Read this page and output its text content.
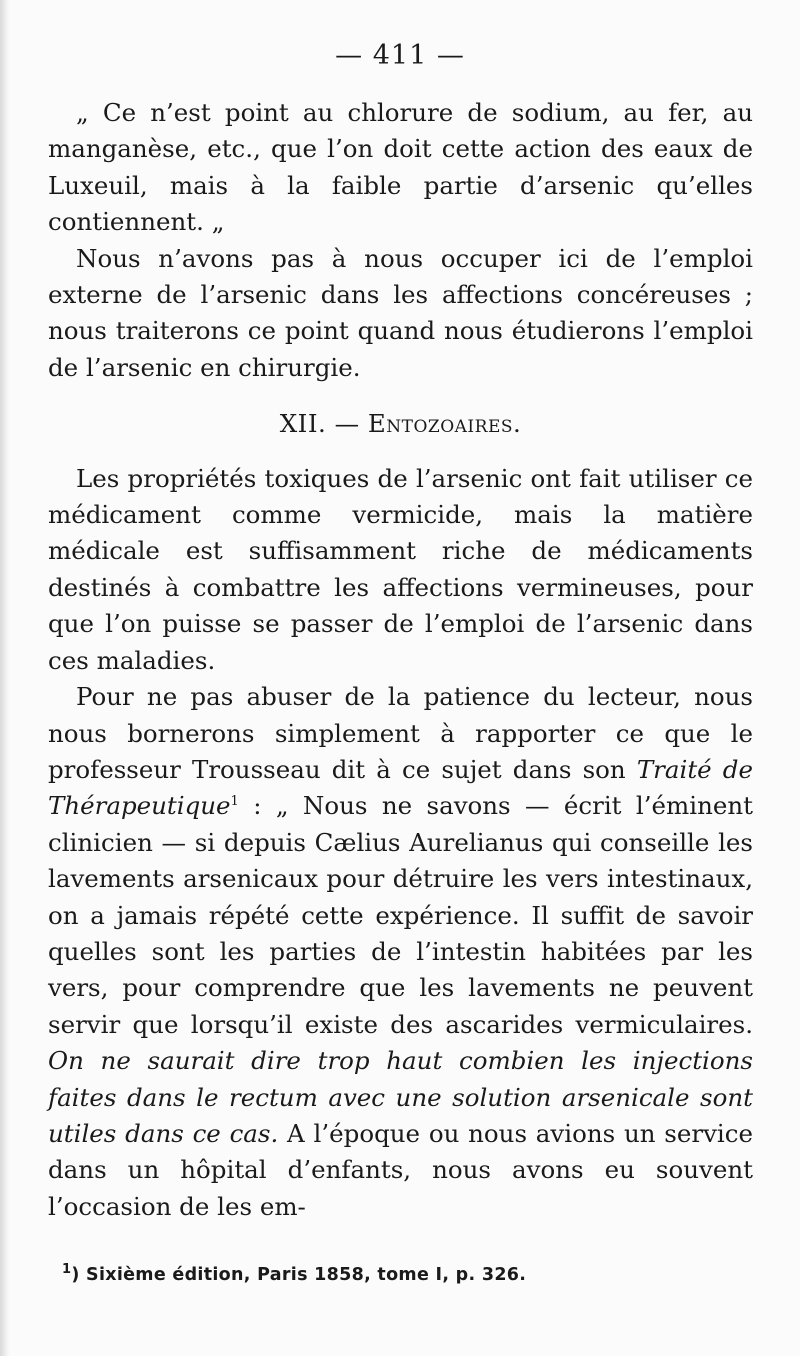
— 411 —

„ Ce n’est point au chlorure de sodium, au fer, au manganèse, etc., que l’on doit cette action des eaux de Luxeuil, mais à la faible partie d’arsenic qu’elles contiennent. „

Nous n’avons pas à nous occuper ici de l’emploi externe de l’arsenic dans les affections concéreuses ; nous traiterons ce point quand nous étudierons l’emploi de l’arsenic en chirurgie.

XII. — Entozoaires.

Les propriétés toxiques de l’arsenic ont fait utiliser ce médicament comme vermicide, mais la matière médicale est suffisamment riche de médicaments destinés à combattre les affections vermineuses, pour que l’on puisse se passer de l’emploi de l’arsenic dans ces maladies.

Pour ne pas abuser de la patience du lecteur, nous nous bornerons simplement à rapporter ce que le professeur Trousseau dit à ce sujet dans son Traité de Thérapeutique$^1$ : „ Nous ne savons — écrit l’éminent clinicien — si depuis Cælius Aurelianus qui conseille les lavements arsenicaux pour détruire les vers intestinaux, on a jamais répété cette expérience. Il suffit de savoir quelles sont les parties de l’intestin habitées par les vers, pour comprendre que les lavements ne peuvent servir que lorsqu’il existe des ascarides vermiculaires. On ne saurait dire trop haut combien les injections faites dans le rectum avec une solution arsenicale sont utiles dans ce cas. A l’époque ou nous avions un service dans un hôpital d’enfants, nous avons eu souvent l’occasion de les em-

$^1$) Sixième édition, Paris 1858, tome I, p. 326.
